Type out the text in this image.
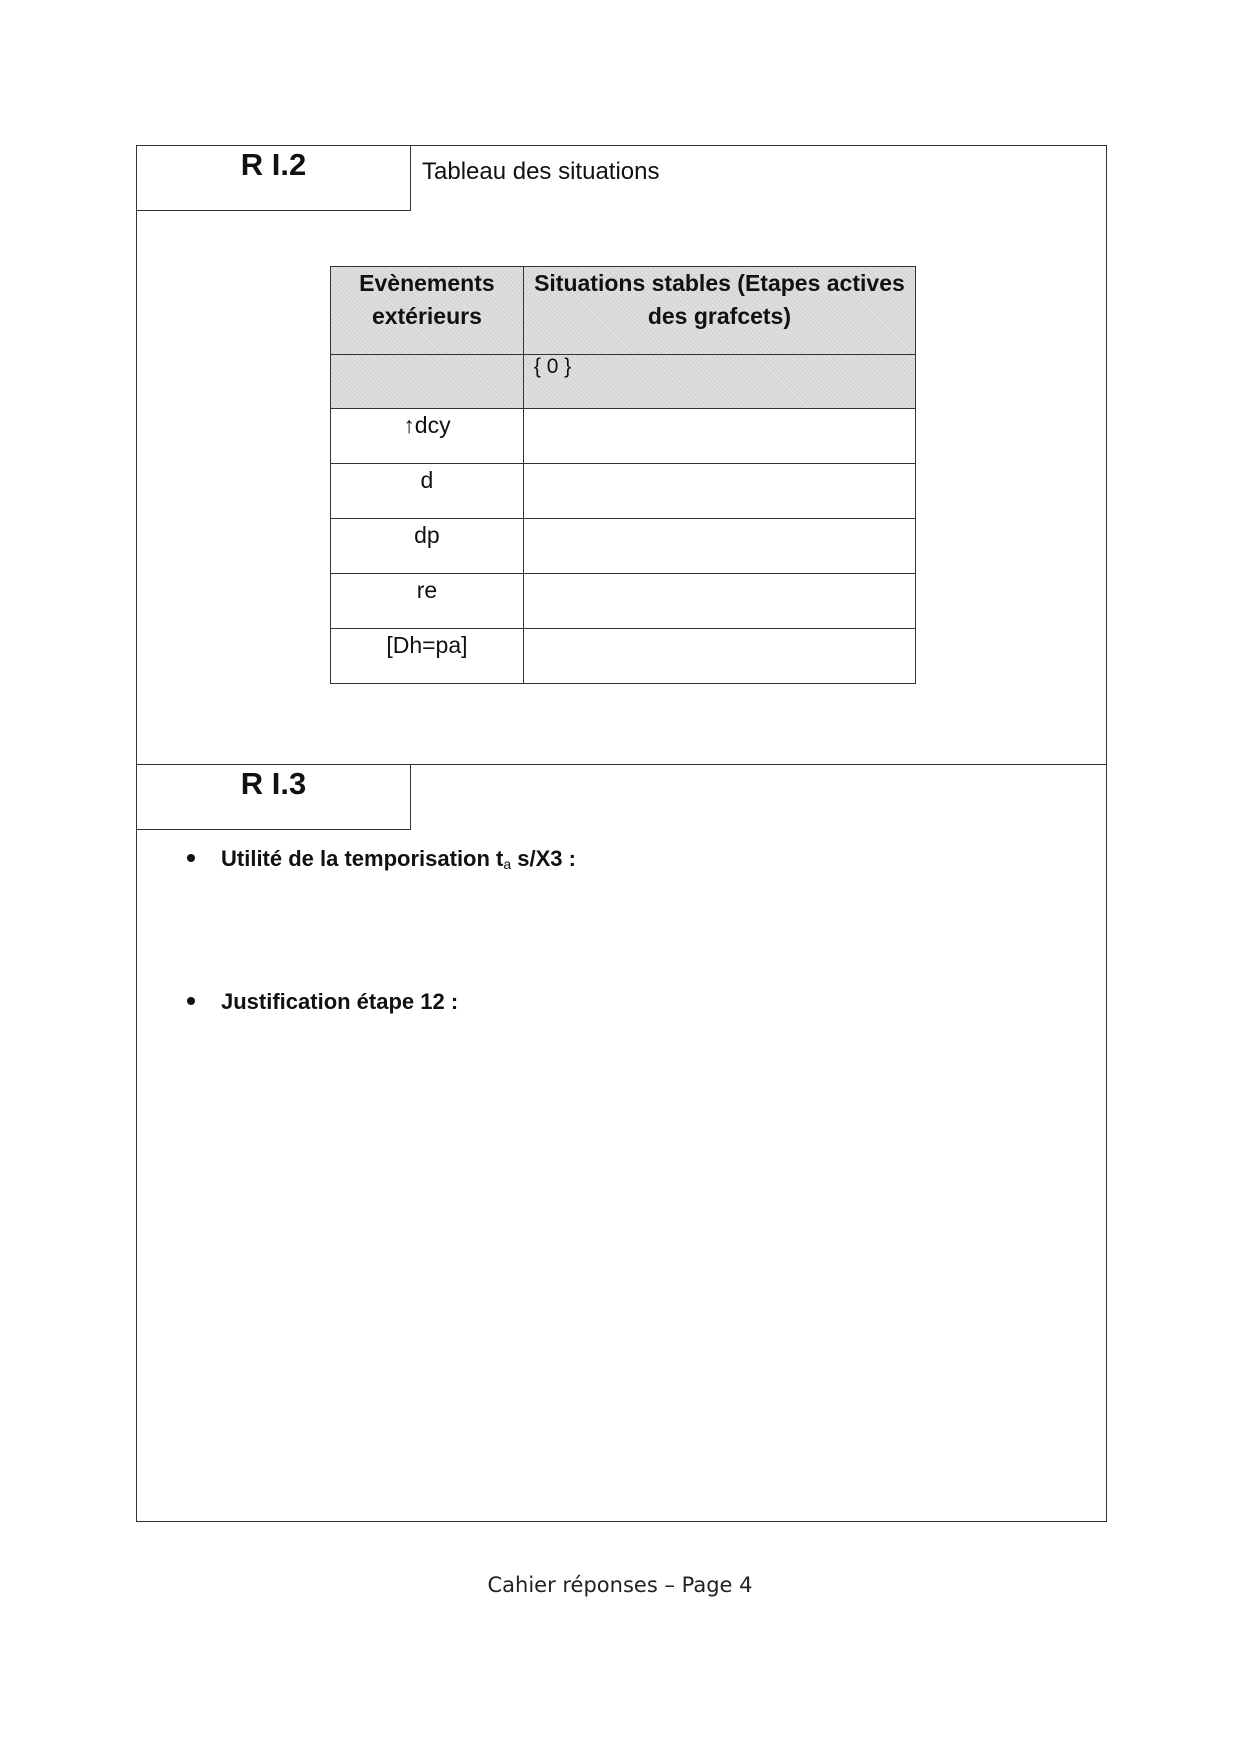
R I.2	Tableau des situations
Evènements extérieurs	Situations stables (Etapes actives des grafcets)
	{ 0 }
↑dcy	
d	
dp	
re	
[Dh=pa]	
R I.3
Utilité de la temporisation $t_a$ s/X3 :
Justification étape 12 :
Cahier réponses – Page 4
